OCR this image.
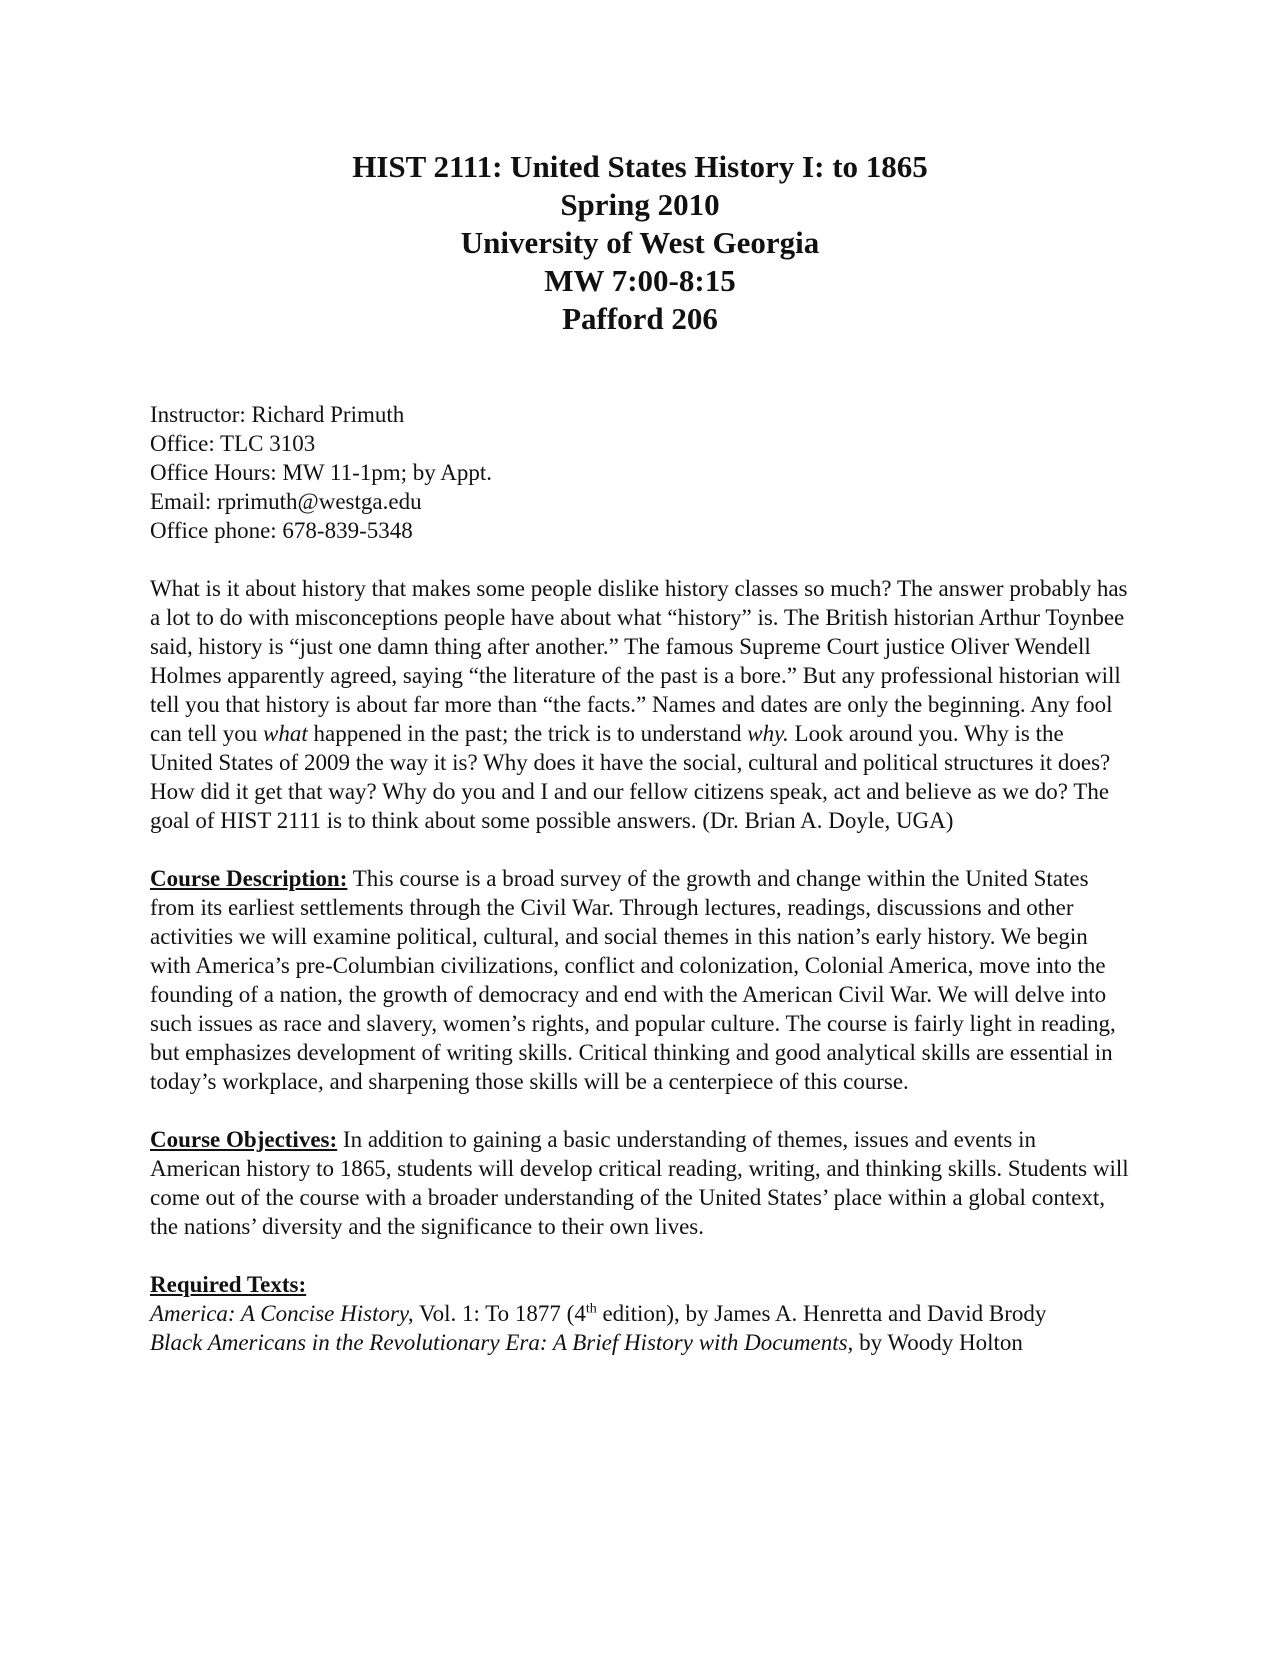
HIST 2111: United States History I: to 1865
Spring 2010
University of West Georgia
MW 7:00-8:15
Pafford 206
Instructor: Richard Primuth
Office: TLC 3103
Office Hours: MW 11-1pm; by Appt.
Email: rprimuth@westga.edu
Office phone: 678-839-5348

What is it about history that makes some people dislike history classes so much? The answer probably has a lot to do with misconceptions people have about what “history” is. The British historian Arthur Toynbee said, history is “just one damn thing after another.” The famous Supreme Court justice Oliver Wendell Holmes apparently agreed, saying “the literature of the past is a bore.” But any professional historian will tell you that history is about far more than “the facts.” Names and dates are only the beginning. Any fool can tell you what happened in the past; the trick is to understand why. Look around you. Why is the United States of 2009 the way it is? Why does it have the social, cultural and political structures it does? How did it get that way? Why do you and I and our fellow citizens speak, act and believe as we do? The goal of HIST 2111 is to think about some possible answers. (Dr. Brian A. Doyle, UGA)

Course Description: This course is a broad survey of the growth and change within the United States from its earliest settlements through the Civil War. Through lectures, readings, discussions and other activities we will examine political, cultural, and social themes in this nation’s early history. We begin with America’s pre-Columbian civilizations, conflict and colonization, Colonial America, move into the founding of a nation, the growth of democracy and end with the American Civil War. We will delve into such issues as race and slavery, women’s rights, and popular culture. The course is fairly light in reading, but emphasizes development of writing skills. Critical thinking and good analytical skills are essential in today’s workplace, and sharpening those skills will be a centerpiece of this course.

Course Objectives: In addition to gaining a basic understanding of themes, issues and events in American history to 1865, students will develop critical reading, writing, and thinking skills. Students will come out of the course with a broader understanding of the United States’ place within a global context, the nations’ diversity and the significance to their own lives.

Required Texts:
America: A Concise History, Vol. 1: To 1877 (4th edition), by James A. Henretta and David Brody
Black Americans in the Revolutionary Era: A Brief History with Documents, by Woody Holton
